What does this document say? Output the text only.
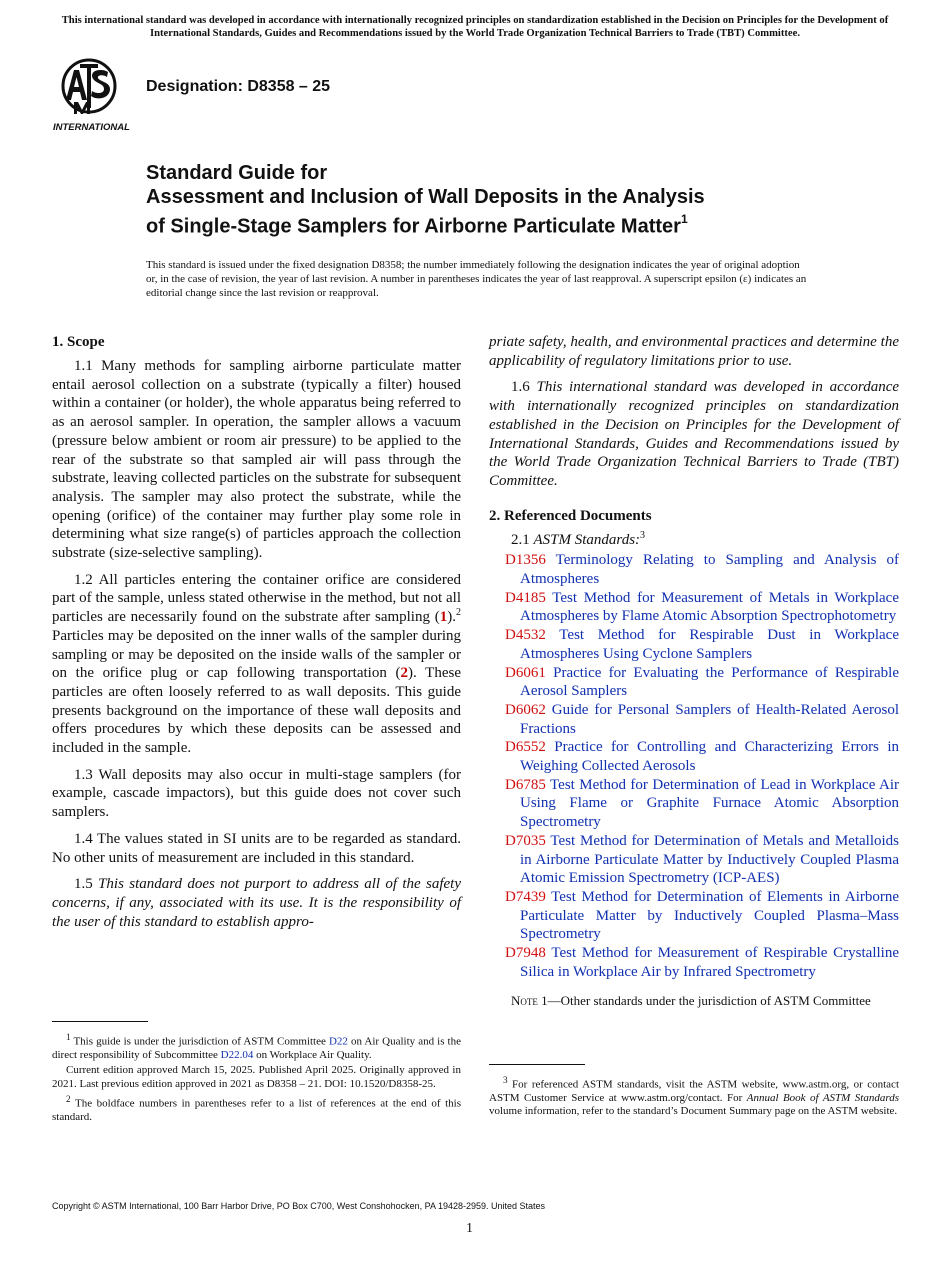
This international standard was developed in accordance with internationally recognized principles on standardization established in the Decision on Principles for the Development of International Standards, Guides and Recommendations issued by the World Trade Organization Technical Barriers to Trade (TBT) Committee.
INTERNATIONAL
Designation: D8358 – 25
Standard Guide for
Assessment and Inclusion of Wall Deposits in the Analysis
of Single-Stage Samplers for Airborne Particulate Matter$^1$
This standard is issued under the fixed designation D8358; the number immediately following the designation indicates the year of original adoption or, in the case of revision, the year of last revision. A number in parentheses indicates the year of last reapproval. A superscript epsilon (ε) indicates an editorial change since the last revision or reapproval.
1. Scope

1.1 Many methods for sampling airborne particulate matter entail aerosol collection on a substrate (typically a filter) housed within a container (or holder), the whole apparatus being referred to as an aerosol sampler. In operation, the sampler allows a vacuum (pressure below ambient or room air pressure) to be applied to the rear of the substrate so that sampled air will pass through the substrate, leaving collected particles on the substrate for subsequent analysis. The sampler may also protect the substrate, while the opening (orifice) of the container may further play some role in determining what size range(s) of particles approach the collection substrate (size-selective sampling).

1.2 All particles entering the container orifice are considered part of the sample, unless stated otherwise in the method, but not all particles are necessarily found on the substrate after sampling (1).$^2$ Particles may be deposited on the inner walls of the sampler during sampling or may be deposited on the inside walls of the sampler or on the orifice plug or cap following transportation (2). These particles are often loosely referred to as wall deposits. This guide presents background on the importance of these wall deposits and offers procedures by which these deposits can be assessed and included in the sample.

1.3 Wall deposits may also occur in multi-stage samplers (for example, cascade impactors), but this guide does not cover such samplers.

1.4 The values stated in SI units are to be regarded as standard. No other units of measurement are included in this standard.

1.5 This standard does not purport to address all of the safety concerns, if any, associated with its use. It is the responsibility of the user of this standard to establish appro-

priate safety, health, and environmental practices and determine the applicability of regulatory limitations prior to use.

1.6 This international standard was developed in accordance with internationally recognized principles on standardization established in the Decision on Principles for the Development of International Standards, Guides and Recommendations issued by the World Trade Organization Technical Barriers to Trade (TBT) Committee.

2. Referenced Documents

2.1 ASTM Standards:$^3$

D1356 Terminology Relating to Sampling and Analysis of Atmospheres

D4185 Test Method for Measurement of Metals in Workplace Atmospheres by Flame Atomic Absorption Spectrophotometry

D4532 Test Method for Respirable Dust in Workplace Atmospheres Using Cyclone Samplers

D6061 Practice for Evaluating the Performance of Respirable Aerosol Samplers

D6062 Guide for Personal Samplers of Health-Related Aerosol Fractions

D6552 Practice for Controlling and Characterizing Errors in Weighing Collected Aerosols

D6785 Test Method for Determination of Lead in Workplace Air Using Flame or Graphite Furnace Atomic Absorption Spectrometry

D7035 Test Method for Determination of Metals and Metalloids in Airborne Particulate Matter by Inductively Coupled Plasma Atomic Emission Spectrometry (ICP-AES)

D7439 Test Method for Determination of Elements in Airborne Particulate Matter by Inductively Coupled Plasma–Mass Spectrometry

D7948 Test Method for Measurement of Respirable Crystalline Silica in Workplace Air by Infrared Spectrometry

Note 1—Other standards under the jurisdiction of ASTM Committee

$^1$ This guide is under the jurisdiction of ASTM Committee D22 on Air Quality and is the direct responsibility of Subcommittee D22.04 on Workplace Air Quality.

Current edition approved March 15, 2025. Published April 2025. Originally approved in 2021. Last previous edition approved in 2021 as D8358 – 21. DOI: 10.1520/D8358-25.

$^2$ The boldface numbers in parentheses refer to a list of references at the end of this standard.

$^3$ For referenced ASTM standards, visit the ASTM website, www.astm.org, or contact ASTM Customer Service at www.astm.org/contact. For Annual Book of ASTM Standards volume information, refer to the standard’s Document Summary page on the ASTM website.

Copyright © ASTM International, 100 Barr Harbor Drive, PO Box C700, West Conshohocken, PA 19428-2959. United States
1
